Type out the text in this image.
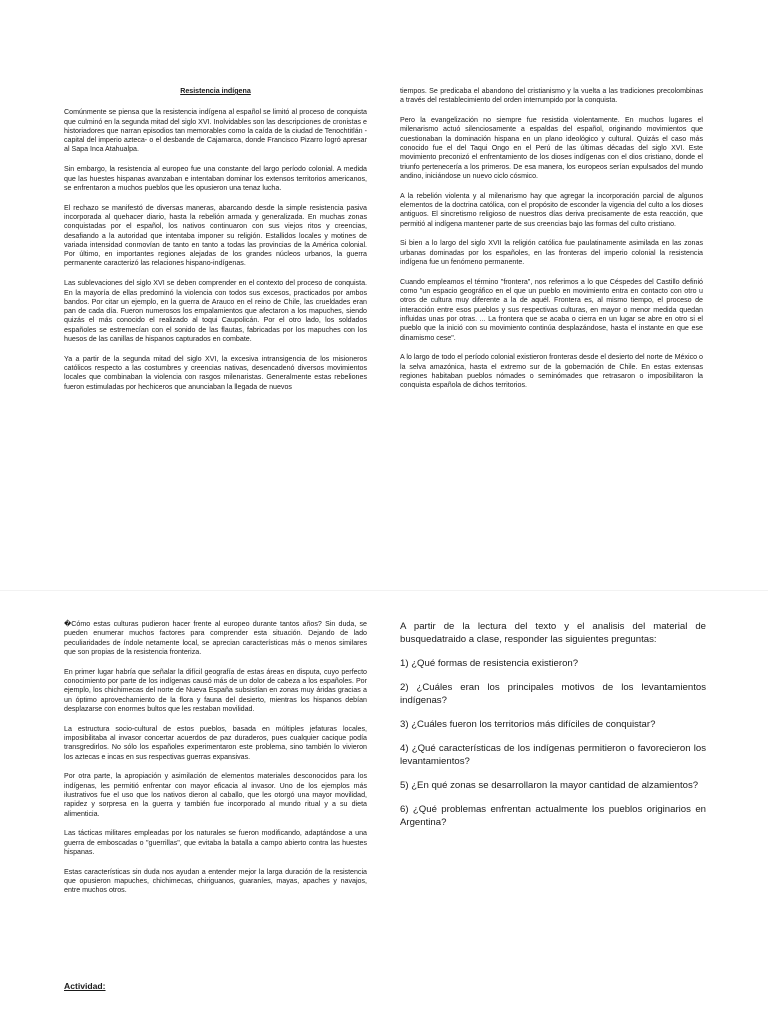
Resistencia indígena

Comúnmente se piensa que la resistencia indígena al español se limitó al proceso de conquista que culminó en la segunda mitad del siglo XVI. Inolvidables son las descripciones de cronistas e historiadores que narran episodios tan memorables como la caída de la ciudad de Tenochtitlán -capital del imperio azteca- o el desbande de Cajamarca, donde Francisco Pizarro logró apresar al Sapa Inca Atahualpa.

Sin embargo, la resistencia al europeo fue una constante del largo período colonial. A medida que las huestes hispanas avanzaban e intentaban dominar los extensos territorios americanos, se enfrentaron a muchos pueblos que les opusieron una tenaz lucha.

El rechazo se manifestó de diversas maneras, abarcando desde la simple resistencia pasiva incorporada al quehacer diario, hasta la rebelión armada y generalizada. En muchas zonas conquistadas por el español, los nativos continuaron con sus viejos ritos y creencias, desafiando a la autoridad que intentaba imponer su religión. Estallidos locales y motines de variada intensidad conmovían de tanto en tanto a todas las provincias de la América colonial. Por último, en importantes regiones alejadas de los grandes núcleos urbanos, la guerra permanente caracterizó las relaciones hispano-indígenas.

Las sublevaciones del siglo XVI se deben comprender en el contexto del proceso de conquista. En la mayoría de ellas predominó la violencia con todos sus excesos, practicados por ambos bandos. Por citar un ejemplo, en la guerra de Arauco en el reino de Chile, las crueldades eran pan de cada día. Fueron numerosos los empalamientos que afectaron a los mapuches, siendo quizás el más conocido el realizado al toqui Caupolicán. Por el otro lado, los soldados españoles se estremecían con el sonido de las flautas, fabricadas por los mapuches con los huesos de las canillas de hispanos capturados en combate.

Ya a partir de la segunda mitad del siglo XVI, la excesiva intransigencia de los misioneros católicos respecto a las costumbres y creencias nativas, desencadenó diversos movimientos locales que combinaban la violencia con rasgos milenaristas. Generalmente estas rebeliones fueron estimuladas por hechiceros que anunciaban la llegada de nuevos

tiempos. Se predicaba el abandono del cristianismo y la vuelta a las tradiciones precolombinas a través del restablecimiento del orden interrumpido por la conquista.

Pero la evangelización no siempre fue resistida violentamente. En muchos lugares el milenarismo actuó silenciosamente a espaldas del español, originando movimientos que cuestionaban la dominación hispana en un plano ideológico y cultural. Quizás el caso más conocido fue el del Taqui Ongo en el Perú de las últimas décadas del siglo XVI. Este movimiento preconizó el enfrentamiento de los dioses indígenas con el dios cristiano, donde el triunfo pertenecería a los primeros. De esa manera, los europeos serían expulsados del mundo andino, iniciándose un nuevo ciclo cósmico.

A la rebelión violenta y al milenarismo hay que agregar la incorporación parcial de algunos elementos de la doctrina católica, con el propósito de esconder la vigencia del culto a los dioses antiguos. El sincretismo religioso de nuestros días deriva precisamente de esta reacción, que permitió al indígena mantener parte de sus creencias bajo las formas del culto cristiano.

Si bien a lo largo del siglo XVII la religión católica fue paulatinamente asimilada en las zonas urbanas dominadas por los españoles, en las fronteras del imperio colonial la resistencia indígena fue un fenómeno permanente.

Cuando empleamos el término "frontera", nos referimos a lo que Céspedes del Castillo definió como "un espacio geográfico en el que un pueblo en movimiento entra en contacto con otro u otros de cultura muy diferente a la de aquél. Frontera es, al mismo tiempo, el proceso de interacción entre esos pueblos y sus respectivas culturas, en mayor o menor medida quedan influidas unas por otras. ... La frontera que se acaba o cierra en un lugar se abre en otro si el pueblo que la inició con su movimiento continúa desplazándose, hasta el instante en que ese dinamismo cese".

A lo largo de todo el período colonial existieron fronteras desde el desierto del norte de México o la selva amazónica, hasta el extremo sur de la gobernación de Chile. En estas extensas regiones habitaban pueblos nómades o seminómades que retrasaron o imposibilitaron la conquista española de dichos territorios.

�Cómo estas culturas pudieron hacer frente al europeo durante tantos años? Sin duda, se pueden enumerar muchos factores para comprender esta situación. Dejando de lado peculiaridades de índole netamente local, se aprecian características más o menos similares que son propias de la resistencia fronteriza.

En primer lugar habría que señalar la difícil geografía de estas áreas en disputa, cuyo perfecto conocimiento por parte de los indígenas causó más de un dolor de cabeza a los españoles. Por ejemplo, los chichimecas del norte de Nueva España subsistían en zonas muy áridas gracias a un óptimo aprovechamiento de la flora y fauna del desierto, mientras los hispanos debían desplazarse con enormes bultos que les restaban movilidad.

La estructura socio-cultural de estos pueblos, basada en múltiples jefaturas locales, imposibilitaba al invasor concertar acuerdos de paz duraderos, pues cualquier cacique podía transgredirlos. No sólo los españoles experimentaron este problema, sino también lo vivieron los aztecas e incas en sus respectivas guerras expansivas.

Por otra parte, la apropiación y asimilación de elementos materiales desconocidos para los indígenas, les permitió enfrentar con mayor eficacia al invasor. Uno de los ejemplos más ilustrativos fue el uso que los nativos dieron al caballo, que les otorgó una mayor movilidad, rapidez y sorpresa en la guerra y también fue incorporado al mundo ritual y a su dieta alimenticia.

Las tácticas militares empleadas por los naturales se fueron modificando, adaptándose a una guerra de emboscadas o "guerrillas", que evitaba la batalla a campo abierto contra las huestes hispanas.

Estas características sin duda nos ayudan a entender mejor la larga duración de la resistencia que opusieron mapuches, chichimecas, chiriguanos, guaraníes, mayas, apaches y navajos, entre muchos otros.

Actividad:

A partir de la lectura del texto y el analisis del material de busquedatraido a clase, responder las siguientes preguntas:

1) ¿Qué formas de resistencia existieron?

2) ¿Cuáles eran los principales motivos de los levantamientos indígenas?

3) ¿Cuáles fueron los territorios más difíciles de conquistar?

4) ¿Qué características de los indígenas permitieron o favorecieron los levantamientos?

5) ¿En qué zonas se desarrollaron la mayor cantidad de alzamientos?

6) ¿Qué problemas enfrentan actualmente los pueblos originarios en Argentina?
